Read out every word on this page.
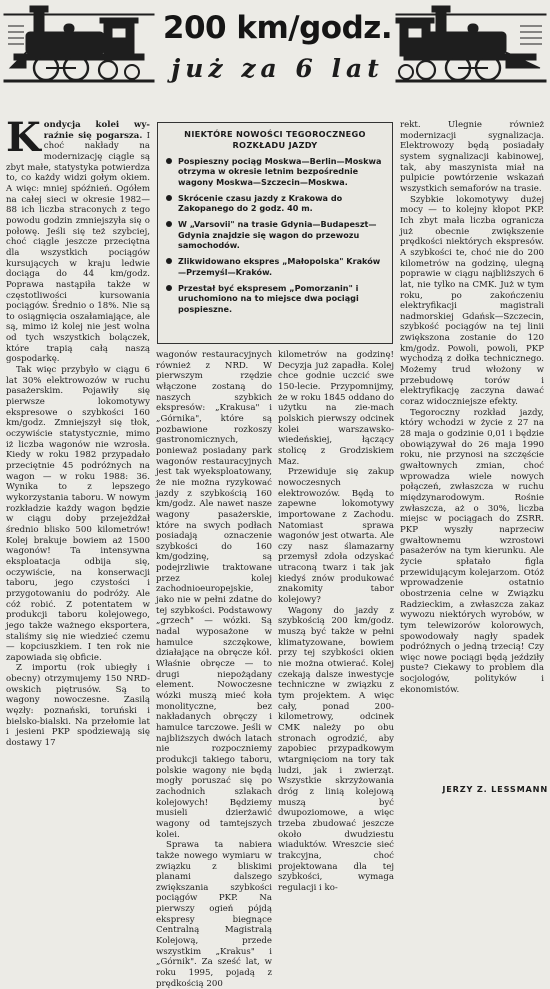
200 km/godz.
już za 6 lat

Kondycja kolei wy-raźnie się pogarsza. I choć nakłady na modernizację ciągle są zbyt małe, statystyka potwierdza to, co każdy widzi gołym okiem. A więc: mniej spóźnień. Ogółem na całej sieci w okresie 1982—88 ich liczba straconych z tego powodu godzin zmniejszyła się o połowę. Jeśli się też szybciej, choć ciągle jeszcze przeciętna dla wszystkich pociągów kursujących w kraju ledwie dociąga do 44 km/godz. Poprawa nastąpiła także w częstotliwości kursowania pociągów. Średnio o 18%. Nie są to osiągnięcia oszałamiające, ale są, mimo iż kolej nie jest wolna od tych wszystkich bolączek, które trapią całą naszą gospodarkę.

Tak więc przybyło w ciągu 6 lat 30% elektrowozów w ruchu pasażerskim. Pojawiły się pierwsze lokomotywy ekspresowe o szybkości 160 km/godz. Zmniejszył się tłok, oczywiście statystycznie, mimo iż liczba wagonów nie wzrosła. Kiedy w roku 1982 przypadało przeciętnie 45 podróżnych na wagon — w roku 1988: 36. Wynika to z lepszego wykorzystania taboru. W nowym rozkładzie każdy wagon będzie w ciągu doby przejeżdżał średnio blisko 500 kilometrów! Kolej brakuje bowiem aż 1500 wagonów! Ta intensywna eksploatacja odbija się, oczywiście, na konserwacji taboru, jego czystości i przygotowaniu do podróży. Ale cóż robić. Z potentatem w produkcji taboru kolejowego, jego także ważnego eksportera, staliśmy się nie wiedzieć czemu — kopciuszkiem. I ten rok nie zapowiada się obficie.

Z importu (rok ubiegły i obecny) otrzymujemy 150 NRD-owskich piętrusów. Są to wagony nowoczesne. Zasilą węzły: poznański, toruński i bielsko-bialski. Na przełomie lat i jesieni PKP spodziewają się dostawy 17

NIEKTÓRE NOWOŚCI TEGOROCZNEGO ROZKŁADU JAZDY
Pospieszny pociąg Moskwa—Berlin—Moskwa otrzyma w okresie letnim bezpośrednie wagony Moskwa—Szczecin—Moskwa.
Skrócenie czasu jazdy z Krakowa do Zakopanego do 2 godz. 40 m.
W „Varsovii" na trasie Gdynia—Budapeszt—Gdynia znajdzie się wagon do przewozu samochodów.
Zlikwidowano ekspres „Małopolska" Kraków—Przemyśl—Kraków.
Przestał być ekspresem „Pomorzanin" i uruchomiono na to miejsce dwa pociągi pospieszne.

wagonów restauracyjnych również z NRD. W pierwszym rzędzie włączone zostaną do naszych szybkich ekspresów: „Krakusa" i „Górnika", które są pozbawione rozkoszy gastronomicznych, ponieważ posiadany park wagonów restauracyjnych jest tak wyeksploatowany, że nie można ryzykować jazdy z szybkością 160 km/godz. Ale nawet nasze wagony pasażerskie, które na swych podłach posiadają oznaczenie szybkości do 160 km/godzinę, są podejrzliwie traktowane przez kolej zachodnioeuropejskie, jako nie w pełni zdatne do tej szybkości. Podstawowy „grzech" — wózki. Są nadal wyposażone w hamulce szczękowe, działające na obręcze kół. Właśnie obręcze — to drugi niepożądany element. Nowoczesne wózki muszą mieć koła monolityczne, bez nakładanych obręczy i hamulce tarczowe. Jeśli w najbliższych dwóch latach nie rozpoczniemy produkcji takiego taboru, polskie wagony nie będą mogły poruszać się po zachodnich szlakach kolejowych! Będziemy musieli dzierżawić wagony od tamtejszych kolei.

Sprawa ta nabiera także nowego wymiaru w związku z bliskimi planami dalszego zwiększania szybkości pociągów PKP. Na pierwszy ogień pójdą ekspresy biegnące Centralną Magistralą Kolejową, przede wszystkim „Krakus" i „Górnik". Za sześć lat, w roku 1995, pojadą z prędkością 200

kilometrów na godzinę! Decyzja już zapadła. Kolej chce godnie uczcić swe 150-lecie. Przypomnijmy, że w roku 1845 oddano do użytku na zie-mach polskich pierwszy odcinek kolei warszawsko-wiedeńskiej, łączący stolicę z Grodziskiem Maz.

Przewiduje się zakup nowoczesnych elektrowozów. Będą to zapewne lokomotywy importowane z Zachodu. Natomiast sprawa wagonów jest otwarta. Ale czy nasz ślamazarny przemysł zdoła odzyskać utraconą twarz i tak jak kiedyś znów produkować znakomity tabor kolejowy?

Wagony do jazdy z szybkością 200 km/godz. muszą być także w pełni klimatyzowane, bowiem przy tej szybkości okien nie można otwierać. Kolej czekają dalsze inwestycje techniczne w związku z tym projektem. A więc cały, ponad 200-kilometrowy, odcinek CMK należy po obu stronach ogrodzić, aby zapobiec przypadkowym wtargnięciom na tory tak ludzi, jak i zwierząt. Wszystkie skrzyżowania dróg z linią kolejową muszą być dwupoziomowe, a więc trzeba zbudować jeszcze około dwudziestu wiaduktów. Wreszcie sieć trakcyjna, choć projektowana dla tej szybkości, wymaga regulacji i ko-

rekt. Ulegnie również modernizacji sygnalizacja. Elektrowozy będą posiadały system sygnalizacji kabinowej, tak, aby maszynista miał na pulpicie powtórzenie wskazań wszystkich semaforów na trasie.

Szybkie lokomotywy dużej mocy — to kolejny kłopot PKP. Ich zbyt mała liczba ogranicza już obecnie zwiększenie prędkości niektórych ekspresów. A szybkości te, choć nie do 200 kilometrów na godzinę, ulegną poprawie w ciągu najbliższych 6 lat, nie tylko na CMK. Już w tym roku, po zakończeniu elektryfikacji magistrali nadmorskiej Gdańsk—Szczecin, szybkość pociągów na tej linii zwiększona zostanie do 120 km/godz. Powoli, powoli, PKP wychodzą z dołka technicznego. Możemy trud włożony w przebudowę torów i elektryfikację zaczyna dawać coraz widoczniejsze efekty.

Tegoroczny rozkład jazdy, który wchodzi w życie z 27 na 28 maja o godzinie 0,01 i będzie obowiązywał do 26 maja 1990 roku, nie przynosi na szczęście gwałtownych zmian, choć wprowadza wiele nowych połączeń, zwłaszcza w ruchu międzynarodowym. Rośnie zwłaszcza, aż o 30%, liczba miejsc w pociągach do ZSRR. PKP wyszły naprzeciw gwałtownemu wzrostowi pasażerów na tym kierunku. Ale życie spłatało figla przewidującym kolejarzom. Otóż wprowadzenie ostatnio obostrzenia celne w Związku Radzieckim, a zwłaszcza zakaz wywozu niektórych wyrobów, w tym telewizorów kolorowych, spowodowały nagły spadek podróżnych o jedną trzecią! Czy więc nowe pociągi będą jeździły puste? Ciekawy to problem dla socjologów, polityków i ekonomistów.

JERZY Z. LESSMANN
